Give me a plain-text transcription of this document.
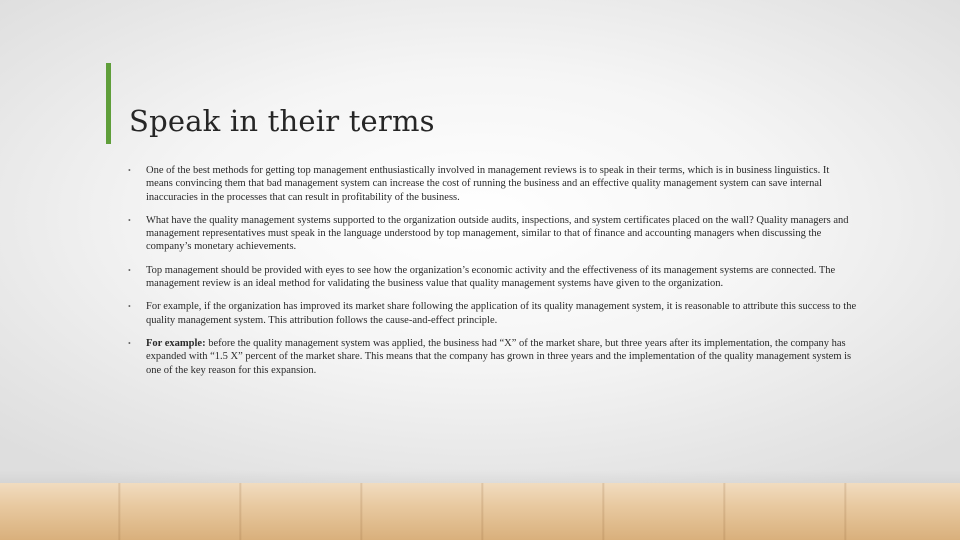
Speak in their terms
• One of the best methods for getting top management enthusiastically involved in management reviews is to speak in their terms, which is in business linguistics. It means convincing them that bad management system can increase the cost of running the business and an effective quality management system can save internal inaccuracies in the processes that can result in profitability of the business.
• What have the quality management systems supported to the organization outside audits, inspections, and system certificates placed on the wall? Quality managers and management representatives must speak in the language understood by top management, similar to that of finance and accounting managers when discussing the company’s monetary achievements.
• Top management should be provided with eyes to see how the organization’s economic activity and the effectiveness of its management systems are connected. The management review is an ideal method for validating the business value that quality management systems have given to the organization.
• For example, if the organization has improved its market share following the application of its quality management system, it is reasonable to attribute this success to the quality management system. This attribution follows the cause-and-effect principle.
• For example: before the quality management system was applied, the business had “X” of the market share, but three years after its implementation, the company has expanded with “1.5 X” percent of the market share. This means that the company has grown in three years and the implementation of the quality management system is one of the key reason for this expansion.
